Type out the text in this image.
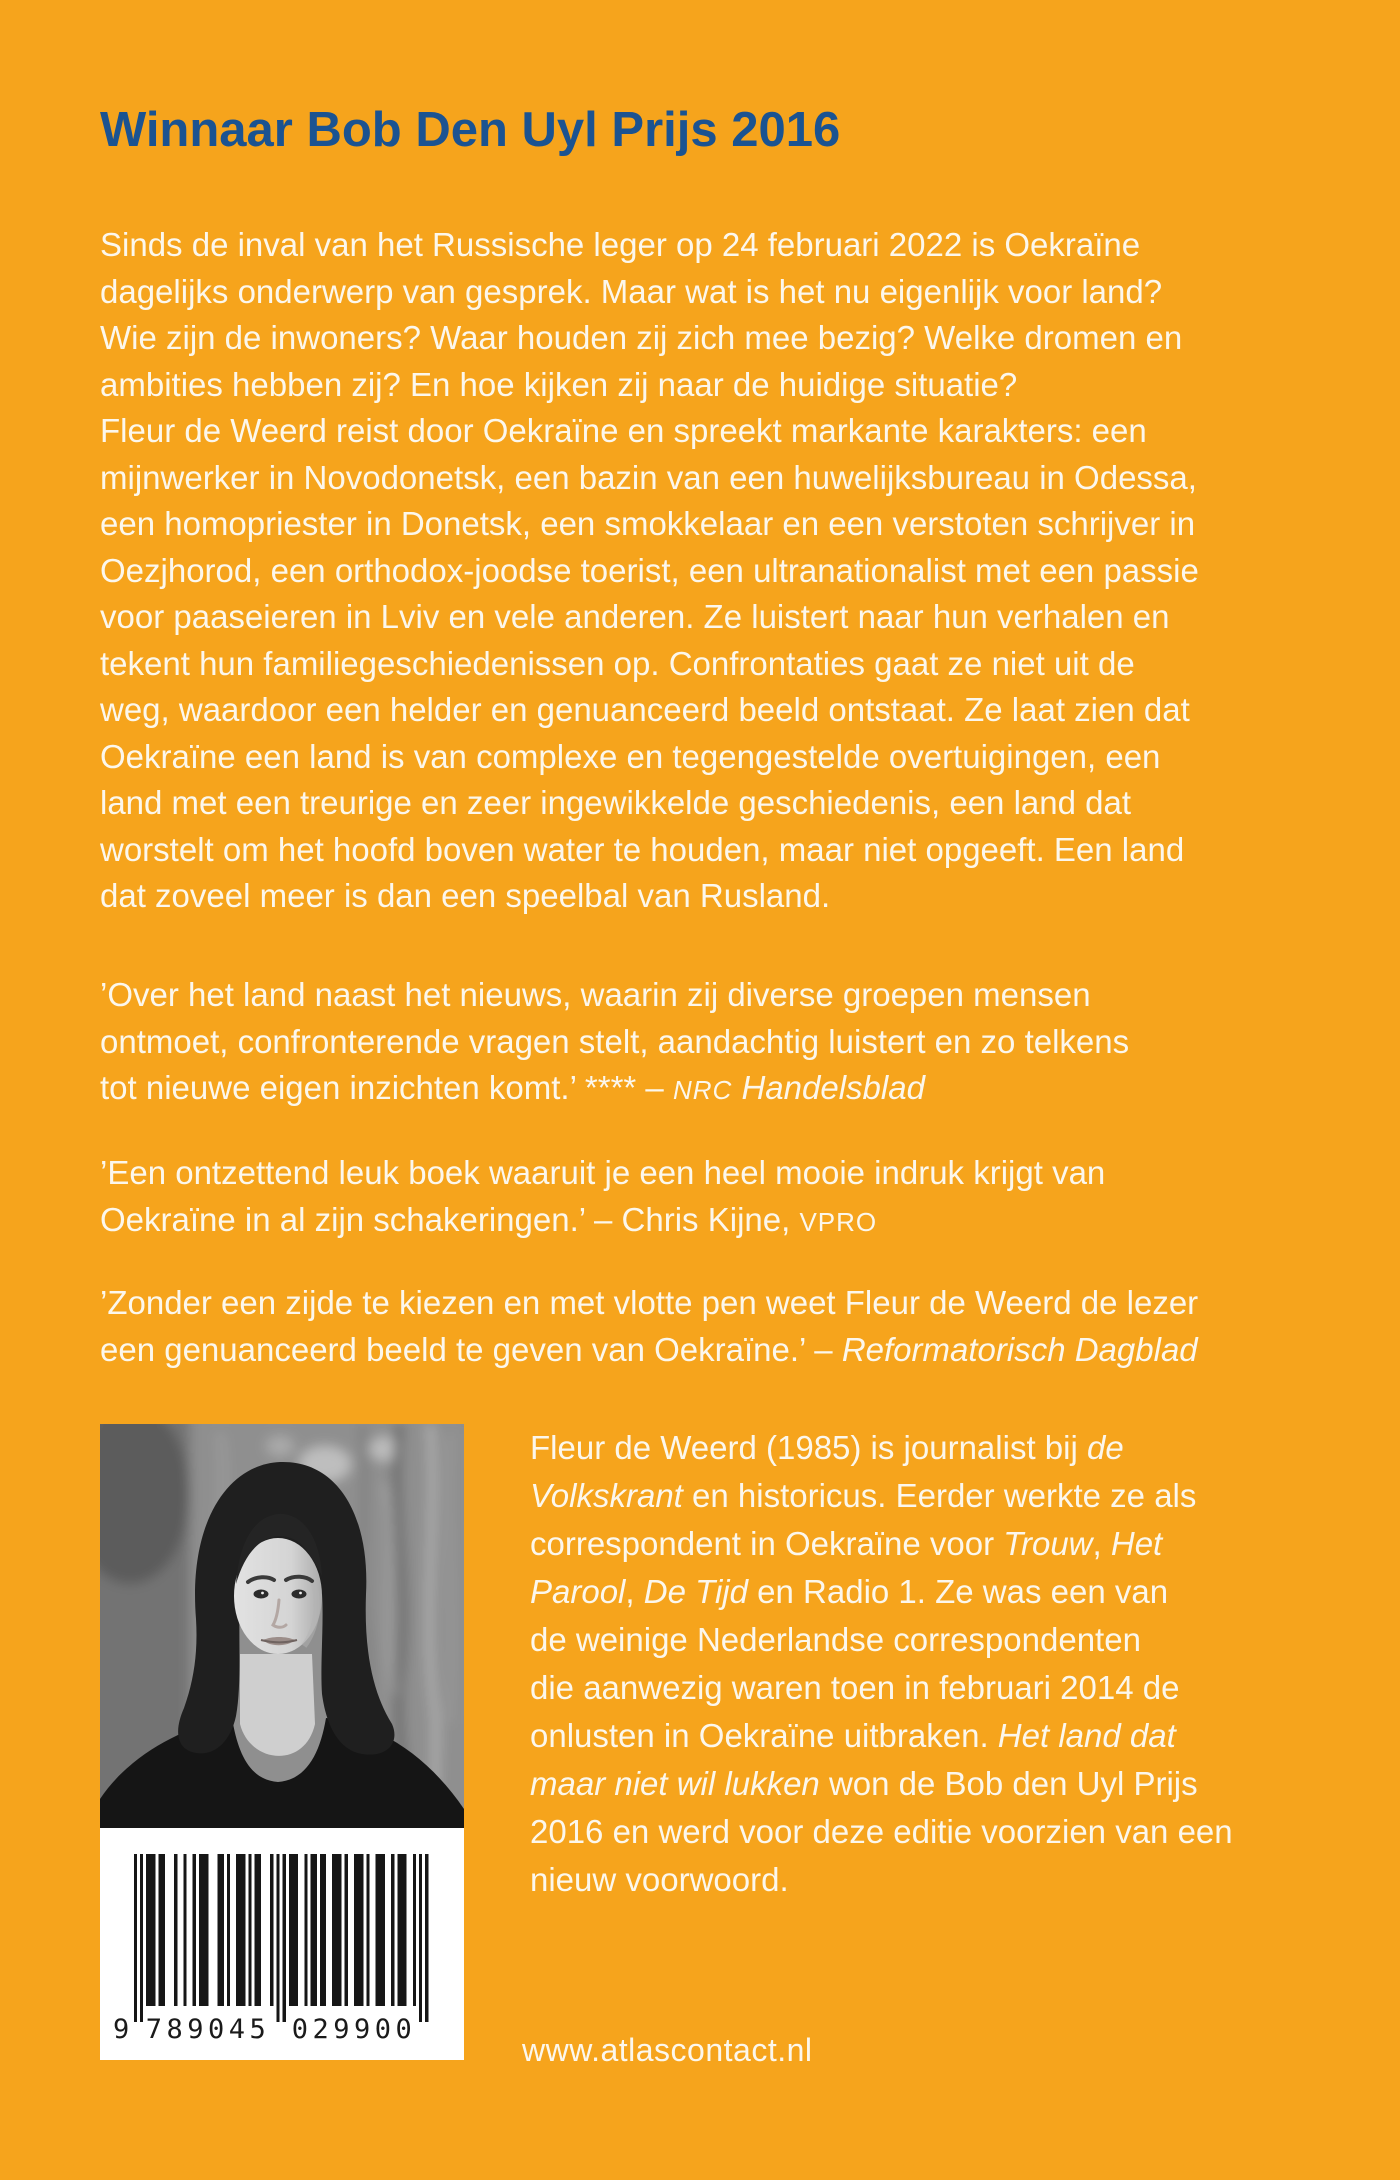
Winnaar Bob Den Uyl Prijs 2016
Sinds de inval van het Russische leger op 24 februari 2022 is Oekraïne
dagelijks onderwerp van gesprek. Maar wat is het nu eigenlijk voor land?
Wie zijn de inwoners? Waar houden zij zich mee bezig? Welke dromen en
ambities hebben zij? En hoe kijken zij naar de huidige situatie?
Fleur de Weerd reist door Oekraïne en spreekt markante karakters: een
mijnwerker in Novodonetsk, een bazin van een huwelijksbureau in Odessa,
een homopriester in Donetsk, een smokkelaar en een verstoten schrijver in
Oezjhorod, een orthodox-joodse toerist, een ultranationalist met een passie
voor paaseieren in Lviv en vele anderen. Ze luistert naar hun verhalen en
tekent hun familiegeschiedenissen op. Confrontaties gaat ze niet uit de
weg, waardoor een helder en genuanceerd beeld ontstaat. Ze laat zien dat
Oekraïne een land is van complexe en tegengestelde overtuigingen, een
land met een treurige en zeer ingewikkelde geschiedenis, een land dat
worstelt om het hoofd boven water te houden, maar niet opgeeft. Een land
dat zoveel meer is dan een speelbal van Rusland.
’Over het land naast het nieuws, waarin zij diverse groepen mensen
ontmoet, confronterende vragen stelt, aandachtig luistert en zo telkens
tot nieuwe eigen inzichten komt.’ **** – NRC Handelsblad
’Een ontzettend leuk boek waaruit je een heel mooie indruk krijgt van
Oekraïne in al zijn schakeringen.’ – Chris Kijne, VPRO
’Zonder een zijde te kiezen en met vlotte pen weet Fleur de Weerd de lezer
een genuanceerd beeld te geven van Oekraïne.’ – Reformatorisch Dagblad
9 789045 029900
Fleur de Weerd (1985) is journalist bij de
Volkskrant en historicus. Eerder werkte ze als
correspondent in Oekraïne voor Trouw, Het
Parool, De Tijd en Radio 1. Ze was een van
de weinige Nederlandse correspondenten
die aanwezig waren toen in februari 2014 de
onlusten in Oekraïne uitbraken. Het land dat
maar niet wil lukken won de Bob den Uyl Prijs
2016 en werd voor deze editie voorzien van een
nieuw voorwoord.
www.atlascontact.nl
